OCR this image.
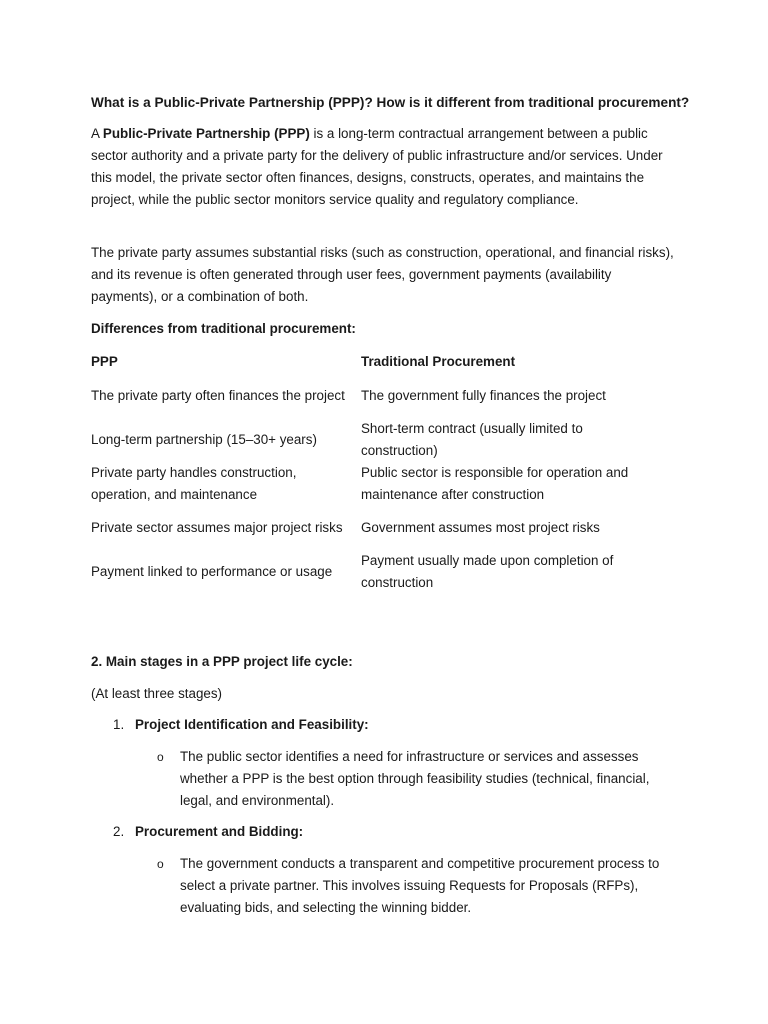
What is a Public-Private Partnership (PPP)? How is it different from traditional procurement?

A Public-Private Partnership (PPP) is a long-term contractual arrangement between a public sector authority and a private party for the delivery of public infrastructure and/or services. Under this model, the private sector often finances, designs, constructs, operates, and maintains the project, while the public sector monitors service quality and regulatory compliance.

The private party assumes substantial risks (such as construction, operational, and financial risks), and its revenue is often generated through user fees, government payments (availability payments), or a combination of both.

Differences from traditional procurement:

PPP	Traditional Procurement
The private party often finances the project	The government fully finances the project
Long-term partnership (15–30+ years)	Short-term contract (usually limited to construction)
Private party handles construction, operation, and maintenance	Public sector is responsible for operation and maintenance after construction
Private sector assumes major project risks	Government assumes most project risks
Payment linked to performance or usage	Payment usually made upon completion of construction

2. Main stages in a PPP project life cycle:

(At least three stages)

1. Project Identification and Feasibility:
o The public sector identifies a need for infrastructure or services and assesses whether a PPP is the best option through feasibility studies (technical, financial, legal, and environmental).
2. Procurement and Bidding:
o The government conducts a transparent and competitive procurement process to select a private partner. This involves issuing Requests for Proposals (RFPs), evaluating bids, and selecting the winning bidder.
